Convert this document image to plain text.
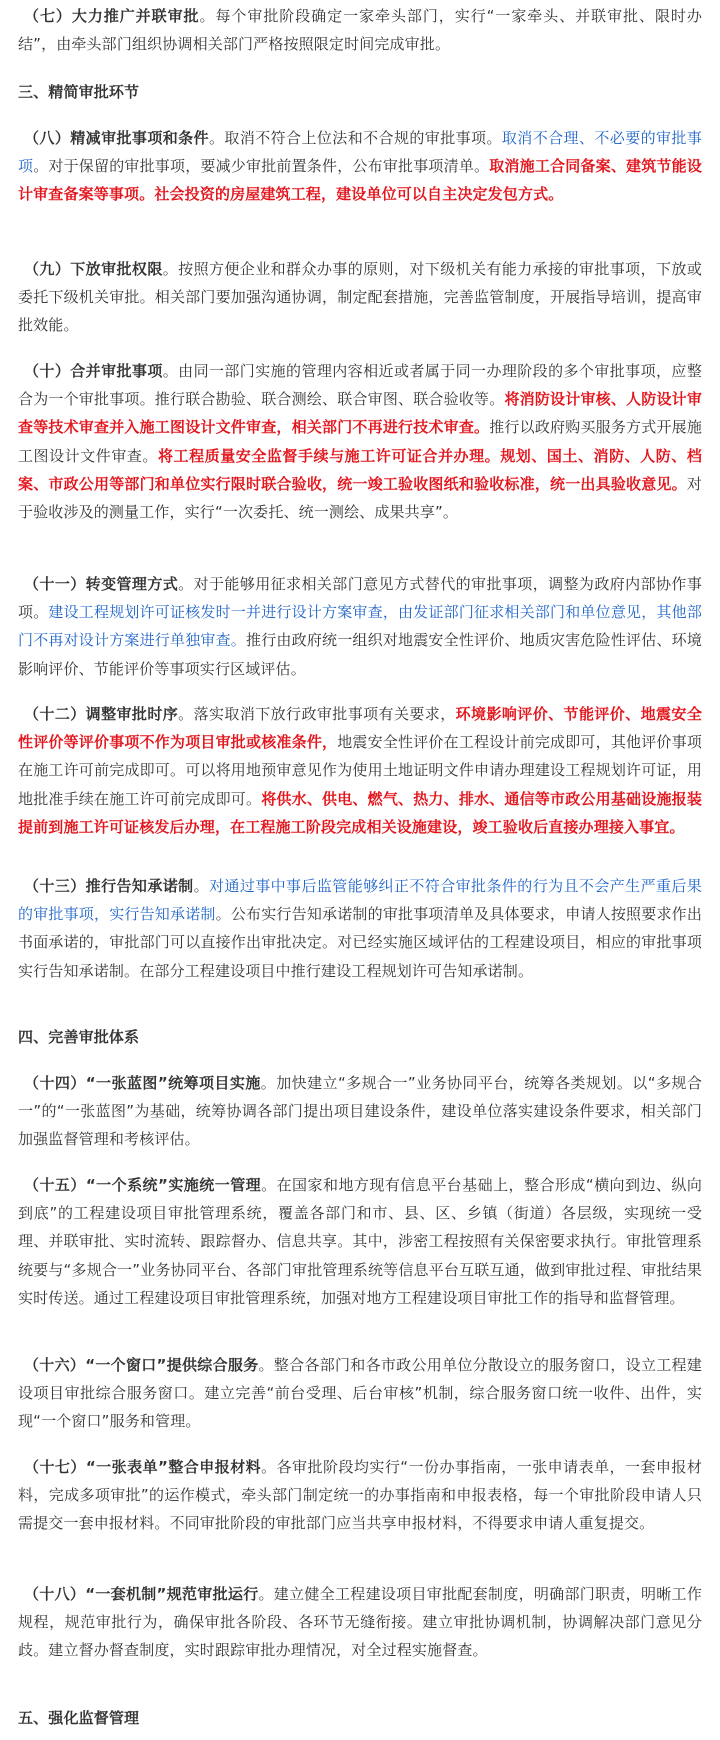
（七）大力推广并联审批。每个审批阶段确定一家牵头部门，实行“一家牵头、并联审批、限时办结”，由牵头部门组织协调相关部门严格按照限定时间完成审批。

三、精简审批环节

（八）精减审批事项和条件。取消不符合上位法和不合规的审批事项。取消不合理、不必要的审批事项。对于保留的审批事项，要减少审批前置条件，公布审批事项清单。取消施工合同备案、建筑节能设计审查备案等事项。社会投资的房屋建筑工程，建设单位可以自主决定发包方式。

（九）下放审批权限。按照方便企业和群众办事的原则，对下级机关有能力承接的审批事项，下放或委托下级机关审批。相关部门要加强沟通协调，制定配套措施，完善监管制度，开展指导培训，提高审批效能。

（十）合并审批事项。由同一部门实施的管理内容相近或者属于同一办理阶段的多个审批事项，应整合为一个审批事项。推行联合勘验、联合测绘、联合审图、联合验收等。将消防设计审核、人防设计审查等技术审查并入施工图设计文件审查，相关部门不再进行技术审查。推行以政府购买服务方式开展施工图设计文件审查。将工程质量安全监督手续与施工许可证合并办理。规划、国土、消防、人防、档案、市政公用等部门和单位实行限时联合验收，统一竣工验收图纸和验收标准，统一出具验收意见。对于验收涉及的测量工作，实行“一次委托、统一测绘、成果共享”。

（十一）转变管理方式。对于能够用征求相关部门意见方式替代的审批事项，调整为政府内部协作事项。建设工程规划许可证核发时一并进行设计方案审查，由发证部门征求相关部门和单位意见，其他部门不再对设计方案进行单独审查。推行由政府统一组织对地震安全性评价、地质灾害危险性评估、环境影响评价、节能评价等事项实行区域评估。

（十二）调整审批时序。落实取消下放行政审批事项有关要求，环境影响评价、节能评价、地震安全性评价等评价事项不作为项目审批或核准条件，地震安全性评价在工程设计前完成即可，其他评价事项在施工许可前完成即可。可以将用地预审意见作为使用土地证明文件申请办理建设工程规划许可证，用地批准手续在施工许可前完成即可。将供水、供电、燃气、热力、排水、通信等市政公用基础设施报装提前到施工许可证核发后办理，在工程施工阶段完成相关设施建设，竣工验收后直接办理接入事宜。

（十三）推行告知承诺制。对通过事中事后监管能够纠正不符合审批条件的行为且不会产生严重后果的审批事项，实行告知承诺制。公布实行告知承诺制的审批事项清单及具体要求，申请人按照要求作出书面承诺的，审批部门可以直接作出审批决定。对已经实施区域评估的工程建设项目，相应的审批事项实行告知承诺制。在部分工程建设项目中推行建设工程规划许可告知承诺制。

四、完善审批体系

（十四）“一张蓝图”统筹项目实施。加快建立“多规合一”业务协同平台，统筹各类规划。以“多规合一”的“一张蓝图”为基础，统筹协调各部门提出项目建设条件，建设单位落实建设条件要求，相关部门加强监督管理和考核评估。

（十五）“一个系统”实施统一管理。在国家和地方现有信息平台基础上，整合形成“横向到边、纵向到底”的工程建设项目审批管理系统，覆盖各部门和市、县、区、乡镇（街道）各层级，实现统一受理、并联审批、实时流转、跟踪督办、信息共享。其中，涉密工程按照有关保密要求执行。审批管理系统要与“多规合一”业务协同平台、各部门审批管理系统等信息平台互联互通，做到审批过程、审批结果实时传送。通过工程建设项目审批管理系统，加强对地方工程建设项目审批工作的指导和监督管理。

（十六）“一个窗口”提供综合服务。整合各部门和各市政公用单位分散设立的服务窗口，设立工程建设项目审批综合服务窗口。建立完善“前台受理、后台审核”机制，综合服务窗口统一收件、出件，实现“一个窗口”服务和管理。

（十七）“一张表单”整合申报材料。各审批阶段均实行“一份办事指南，一张申请表单，一套申报材料，完成多项审批”的运作模式，牵头部门制定统一的办事指南和申报表格，每一个审批阶段申请人只需提交一套申报材料。不同审批阶段的审批部门应当共享申报材料，不得要求申请人重复提交。

（十八）“一套机制”规范审批运行。建立健全工程建设项目审批配套制度，明确部门职责，明晰工作规程，规范审批行为，确保审批各阶段、各环节无缝衔接。建立审批协调机制，协调解决部门意见分歧。建立督办督查制度，实时跟踪审批办理情况，对全过程实施督查。

五、强化监督管理
